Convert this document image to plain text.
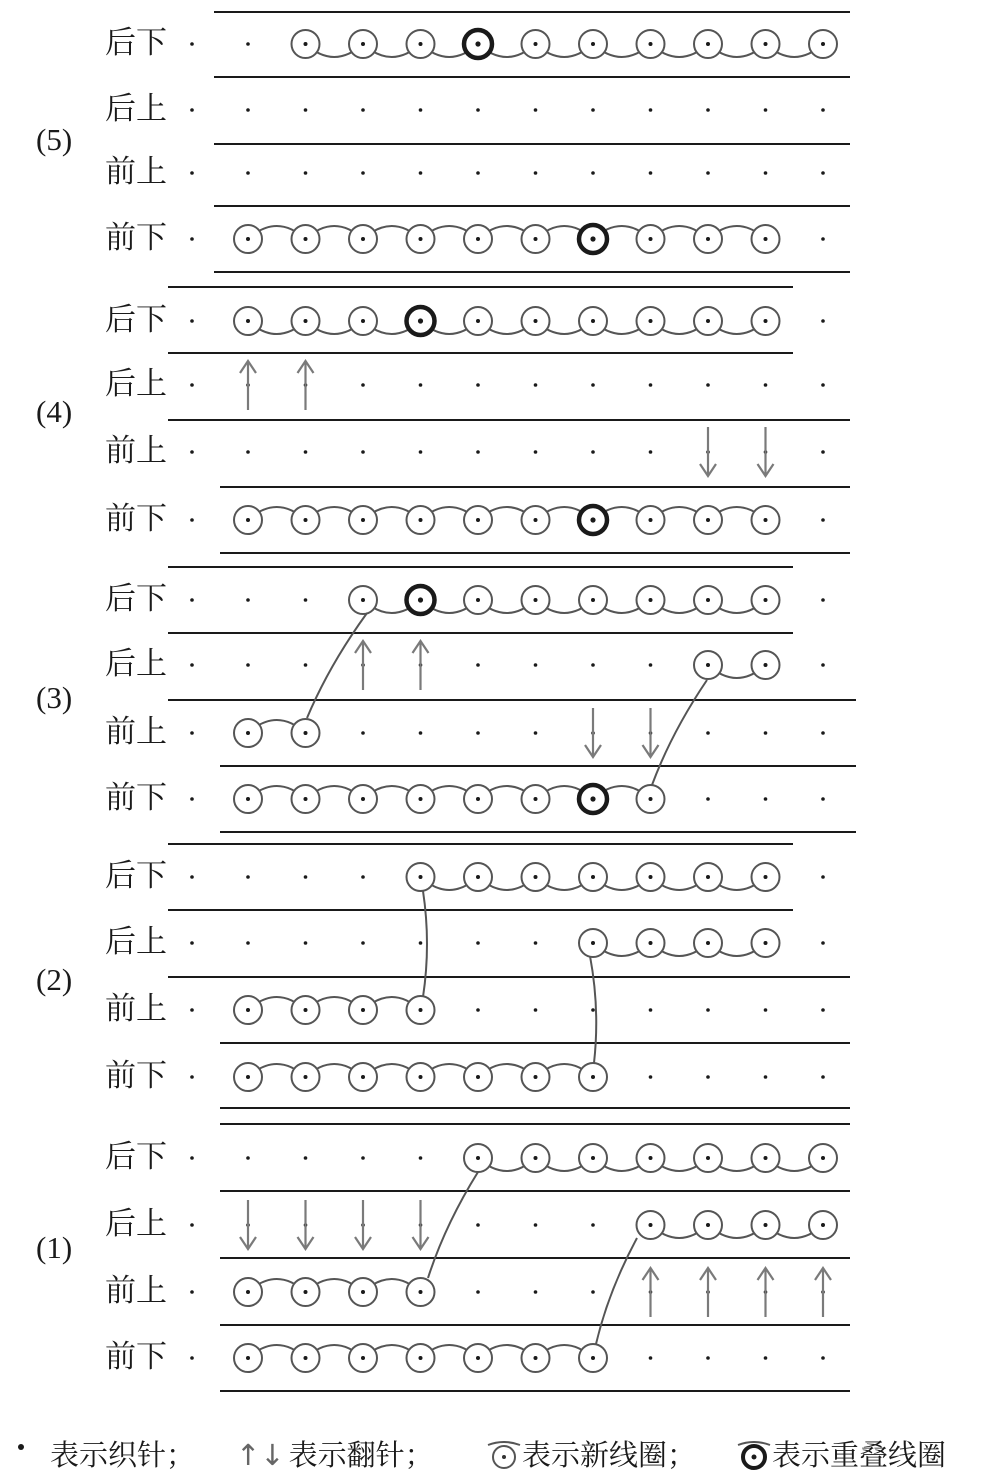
(5)
后下
后上
前上
前下
(4)
后下
后上
前上
前下
(3)
后下
后上
前上
前下
(2)
后下
后上
前上
前下
(1)
后下
后上
前上
前下
表示织针； ↑↓ 表示翻针；	表示新线圈；	表示重叠线圈
